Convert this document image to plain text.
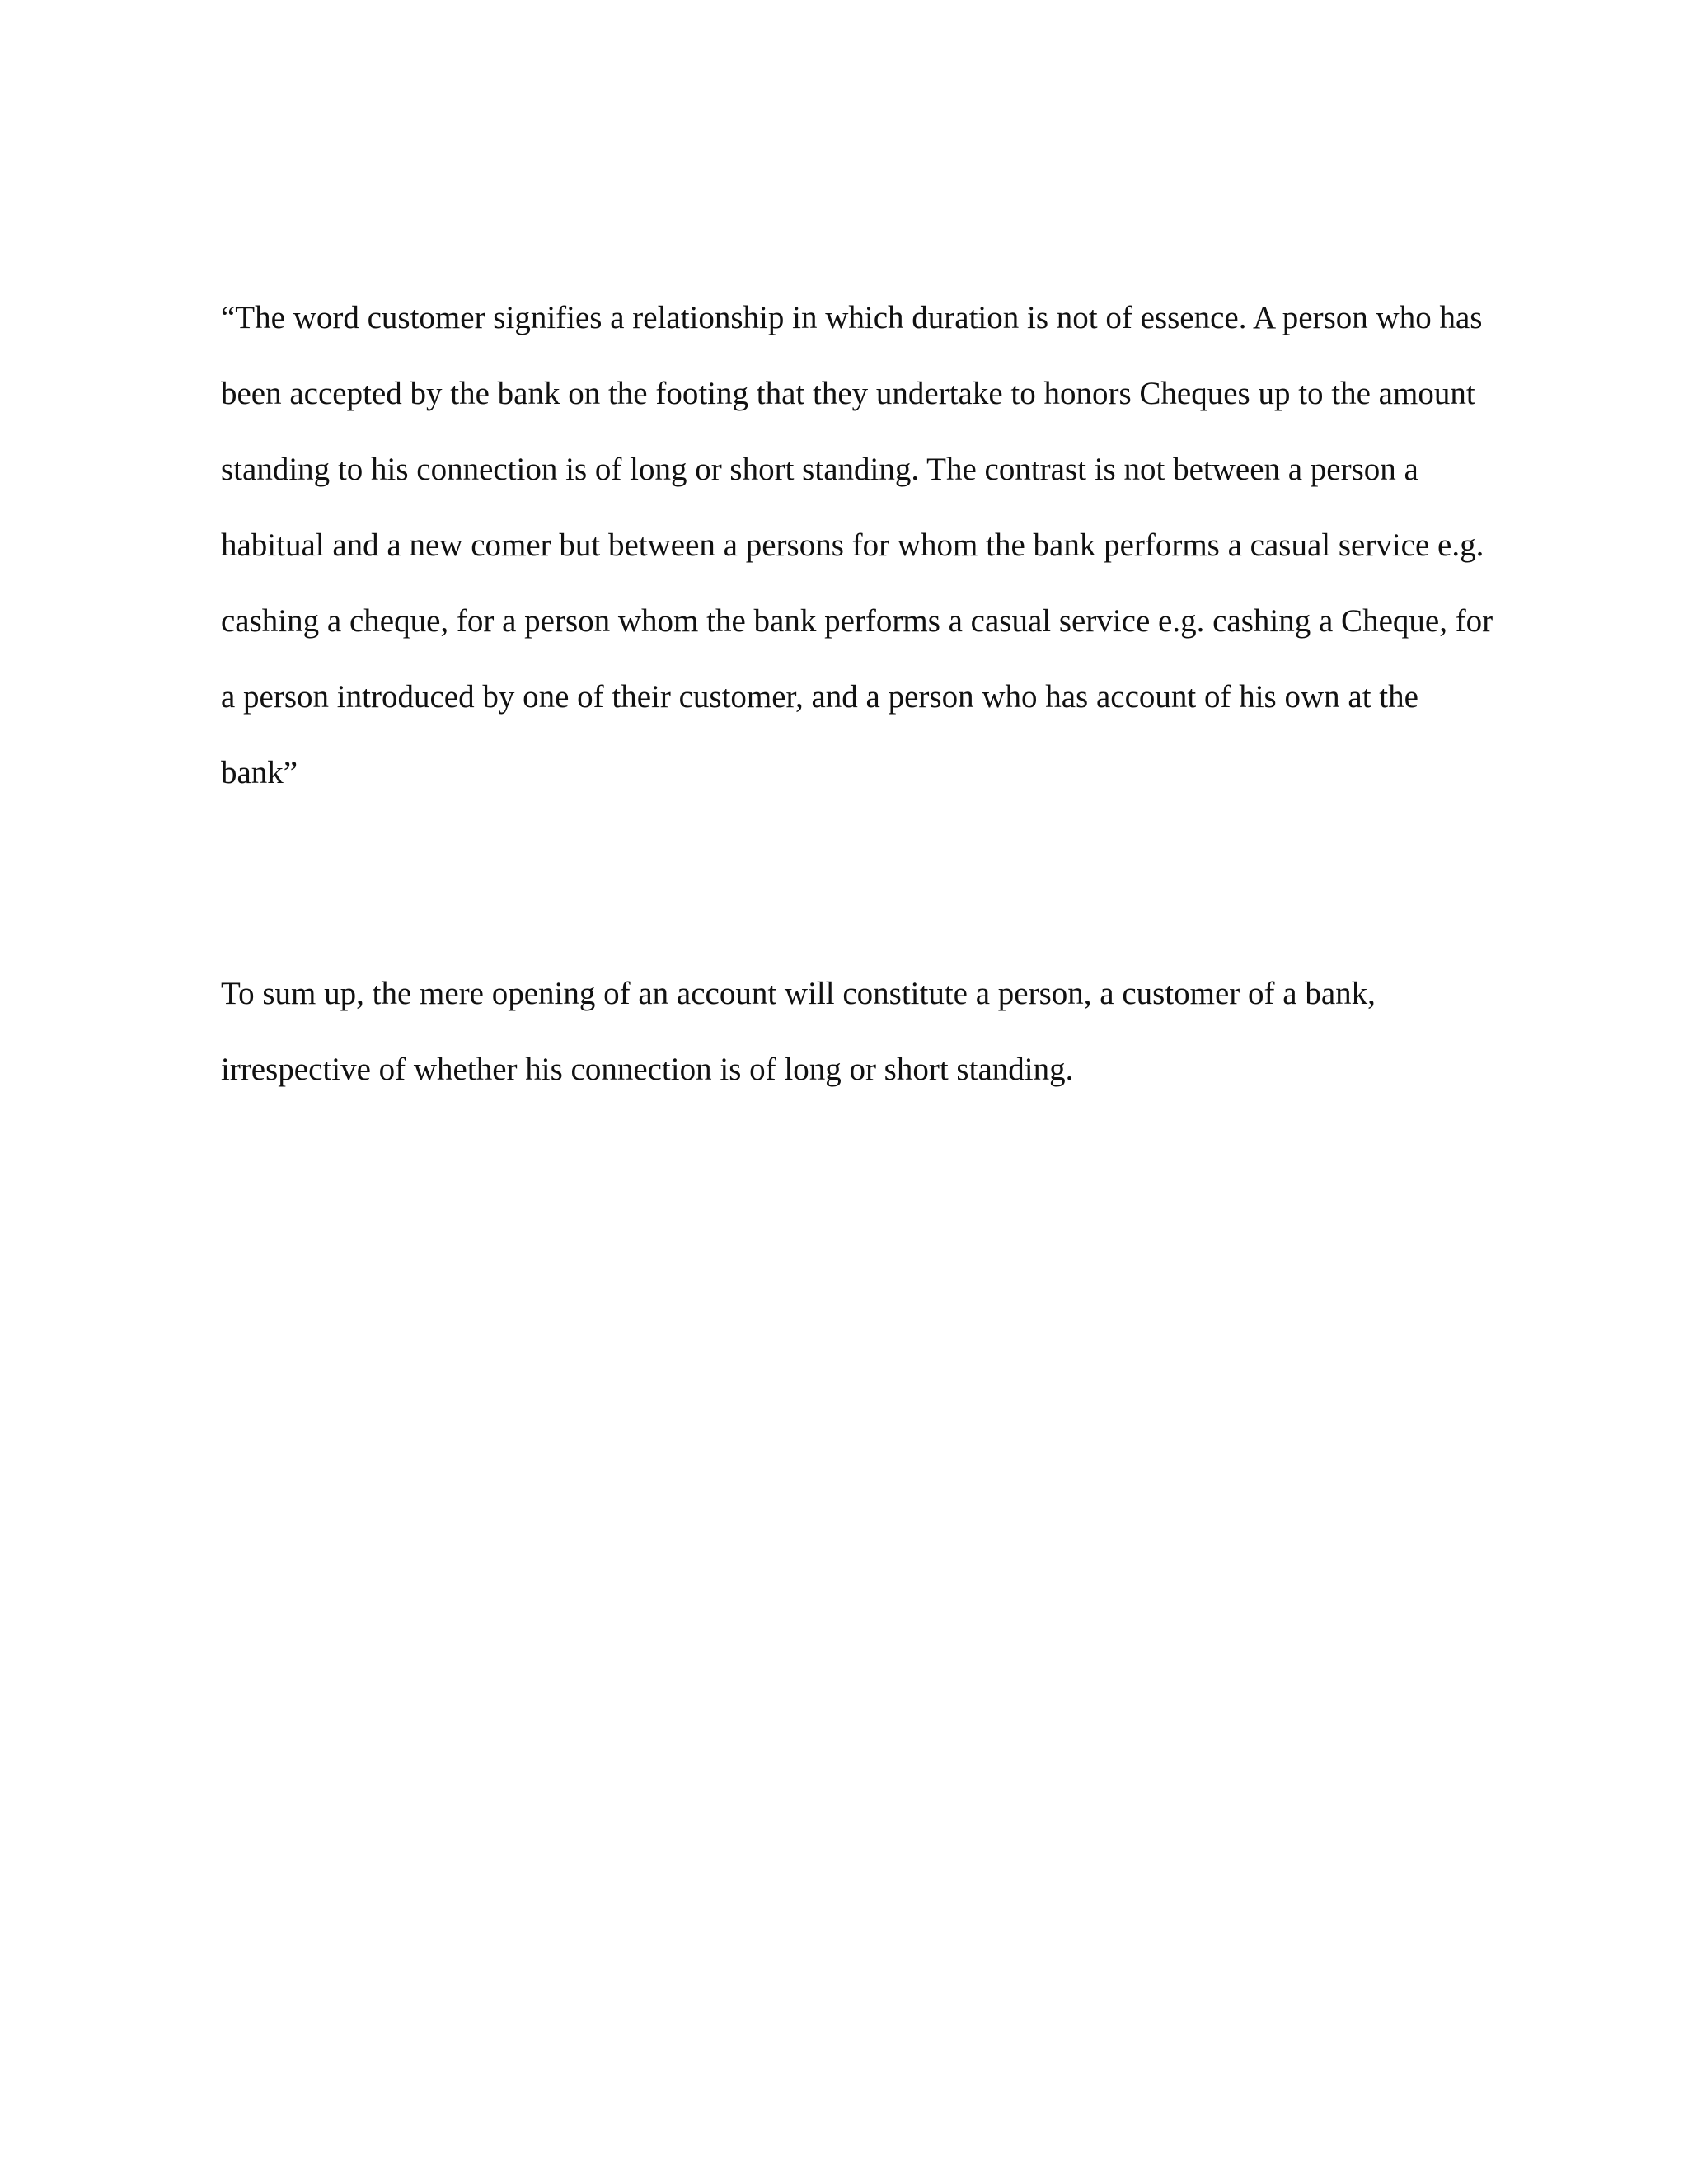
“The word customer signifies a relationship in which duration is not of essence. A person who has
been accepted by the bank on the footing that they undertake to honors Cheques up to the amount
standing to his connection is of long or short standing. The contrast is not between a person a
habitual and a new comer but between a persons for whom the bank performs a casual service e.g.
cashing a cheque, for a person whom the bank performs a casual service e.g. cashing a Cheque, for
a person introduced by one of their customer, and a person who has account of his own at the
bank”
To sum up, the mere opening of an account will constitute a person, a customer of a bank,
irrespective of whether his connection is of long or short standing.
